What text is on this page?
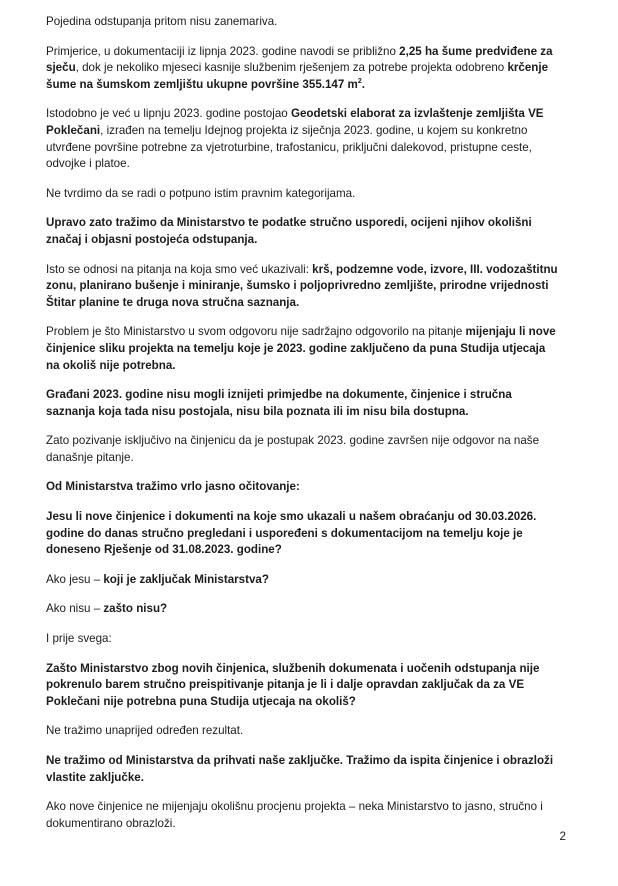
Pojedina odstupanja pritom nisu zanemariva.

Primjerice, u dokumentaciji iz lipnja 2023. godine navodi se približno 2,25 ha šume predviđene za sječu, dok je nekoliko mjeseci kasnije službenim rješenjem za potrebe projekta odobreno krčenje šume na šumskom zemljištu ukupne površine 355.147 $m^2$.

Istodobno je već u lipnju 2023. godine postojao Geodetski elaborat za izvlaštenje zemljišta VE Poklečani, izrađen na temelju Idejnog projekta iz siječnja 2023. godine, u kojem su konkretno utvrđene površine potrebne za vjetroturbine, trafostanicu, priključni dalekovod, pristupne ceste, odvojke i platoe.

Ne tvrdimo da se radi o potpuno istim pravnim kategorijama.

Upravo zato tražimo da Ministarstvo te podatke stručno usporedi, ocijeni njihov okolišni značaj i objasni postojeća odstupanja.

Isto se odnosi na pitanja na koja smo već ukazivali: krš, podzemne vode, izvore, III. vodozaštitnu zonu, planirano bušenje i miniranje, šumsko i poljoprivredno zemljište, prirodne vrijednosti Štitar planine te druga nova stručna saznanja.

Problem je što Ministarstvo u svom odgovoru nije sadržajno odgovorilo na pitanje mijenjaju li nove činjenice sliku projekta na temelju koje je 2023. godine zaključeno da puna Studija utjecaja na okoliš nije potrebna.

Građani 2023. godine nisu mogli iznijeti primjedbe na dokumente, činjenice i stručna saznanja koja tada nisu postojala, nisu bila poznata ili im nisu bila dostupna.

Zato pozivanje isključivo na činjenicu da je postupak 2023. godine završen nije odgovor na naše današnje pitanje.

Od Ministarstva tražimo vrlo jasno očitovanje:

Jesu li nove činjenice i dokumenti na koje smo ukazali u našem obraćanju od 30.03.2026. godine do danas stručno pregledani i uspoređeni s dokumentacijom na temelju koje je doneseno Rješenje od 31.08.2023. godine?

Ako jesu – koji je zaključak Ministarstva?

Ako nisu – zašto nisu?

I prije svega:

Zašto Ministarstvo zbog novih činjenica, službenih dokumenata i uočenih odstupanja nije pokrenulo barem stručno preispitivanje pitanja je li i dalje opravdan zaključak da za VE Poklečani nije potrebna puna Studija utjecaja na okoliš?

Ne tražimo unaprijed određen rezultat.

Ne tražimo od Ministarstva da prihvati naše zaključke. Tražimo da ispita činjenice i obrazloži vlastite zaključke.

Ako nove činjenice ne mijenjaju okolišnu procjenu projekta – neka Ministarstvo to jasno, stručno i dokumentirano obrazloži.

2
